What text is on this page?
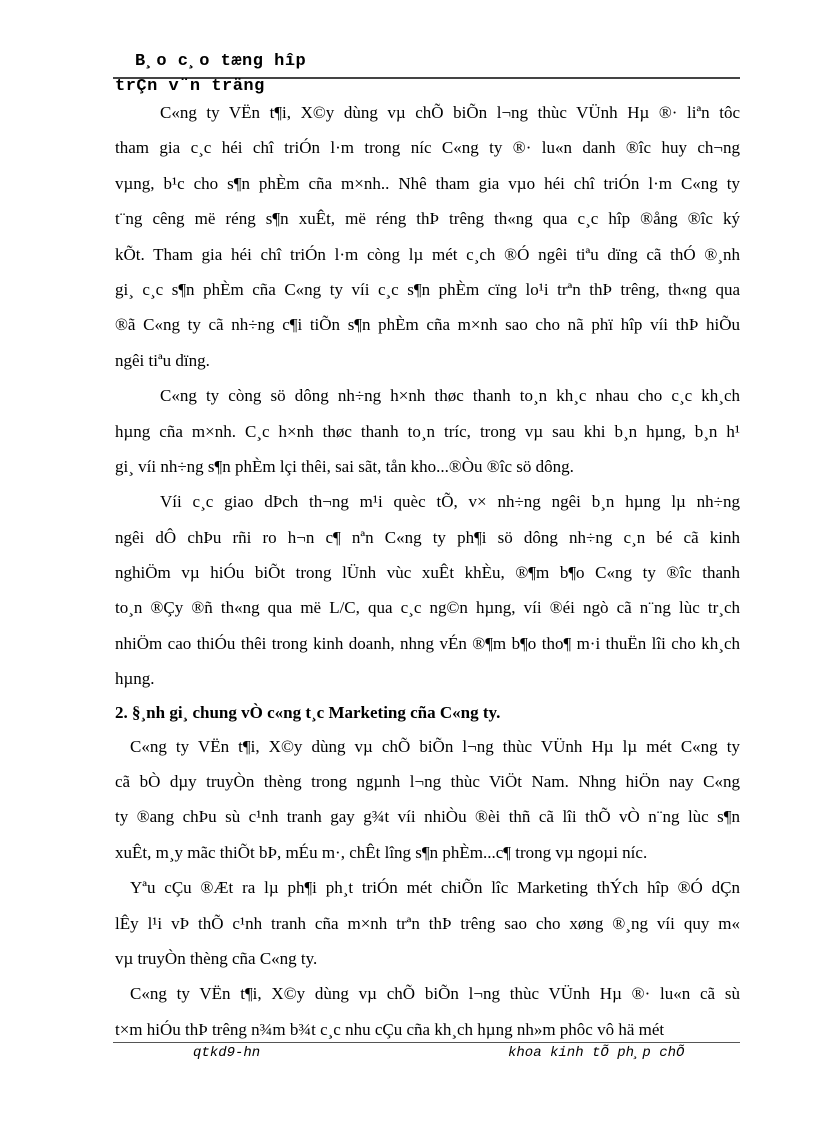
B¸o c¸o tæng hîp
trÇn v¨n träng
C«ng ty VËn t¶i, X©y dùng vµ chÕ biÕn l¬ng thùc VÜnh Hµ ®· liªn tôc
tham gia c¸c héi chî triÓn l·m trong níc C«ng ty ®· lu«n danh ®îc huy ch¬ng
vµng, b¹c cho s¶n phÈm cña m×nh.. Nhê tham gia vµo héi chî triÓn l·m C«ng ty
t¨ng cêng më réng s¶n xuÊt, më réng thÞ trêng th«ng qua c¸c hîp ®ång ®îc ký
kÕt. Tham gia héi chî triÓn l·m còng lµ mét c¸ch ®Ó ngêi tiªu dïng cã thÓ ®¸nh
gi¸ c¸c s¶n phÈm cña C«ng ty víi c¸c s¶n phÈm cïng lo¹i trªn thÞ trêng, th«ng qua
®ã C«ng ty cã nh÷ng c¶i tiÕn s¶n phÈm cña m×nh sao cho nã phï hîp víi thÞ hiÕu
ngêi tiªu dïng.
C«ng ty còng sö dông nh÷ng h×nh thøc thanh to¸n kh¸c nhau cho c¸c kh¸ch
hµng cña m×nh. C¸c h×nh thøc thanh to¸n tríc, trong vµ sau khi b¸n hµng, b¸n h¹
gi¸ víi nh÷ng s¶n phÈm lçi thêi, sai sãt, tån kho...®Òu ®îc sö dông.
Víi c¸c giao dÞch th¬ng m¹i quèc tÕ, v× nh÷ng ngêi b¸n hµng lµ nh÷ng
ngêi dÔ chÞu rñi ro h¬n c¶ nªn C«ng ty ph¶i sö dông nh÷ng c¸n bé cã kinh
nghiÖm vµ hiÓu biÕt trong lÜnh vùc xuÊt khÈu, ®¶m b¶o C«ng ty ®îc thanh
to¸n ®Çy ®ñ th«ng qua më L/C, qua c¸c ng©n hµng, víi ®éi ngò cã n¨ng lùc tr¸ch
nhiÖm cao thiÓu thêi trong kinh doanh, nhng vÉn ®¶m b¶o tho¶ m·i thuËn lîi cho kh¸ch
hµng.
2. §¸nh gi¸ chung vÒ c«ng t¸c Marketing cña C«ng ty.
C«ng ty VËn t¶i, X©y dùng vµ chÕ biÕn l¬ng thùc VÜnh Hµ lµ mét C«ng ty
cã bÒ dµy truyÒn thèng trong ngµnh l¬ng thùc ViÖt Nam. Nhng hiÖn nay C«ng
ty ®ang chÞu sù c¹nh tranh gay g¾t víi nhiÒu ®èi thñ cã lîi thÕ vÒ n¨ng lùc s¶n
xuÊt, m¸y mãc thiÕt bÞ, mÉu m·, chÊt lîng s¶n phÈm...c¶ trong vµ ngoµi níc.
Yªu cÇu ®Æt ra lµ ph¶i ph¸t triÓn mét chiÕn lîc Marketing thÝch hîp ®Ó dÇn
lÊy l¹i vÞ thÕ c¹nh tranh cña m×nh trªn thÞ trêng sao cho xøng ®¸ng víi quy m«
vµ truyÒn thèng cña C«ng ty.
C«ng ty VËn t¶i, X©y dùng vµ chÕ biÕn l¬ng thùc VÜnh Hµ ®· lu«n cã sù
t×m hiÓu thÞ trêng n¾m b¾t c¸c nhu cÇu cña kh¸ch hµng nh»m phôc vô hä mét
qtkd9-hn	khoa kinh tÕ ph¸p chÕ
